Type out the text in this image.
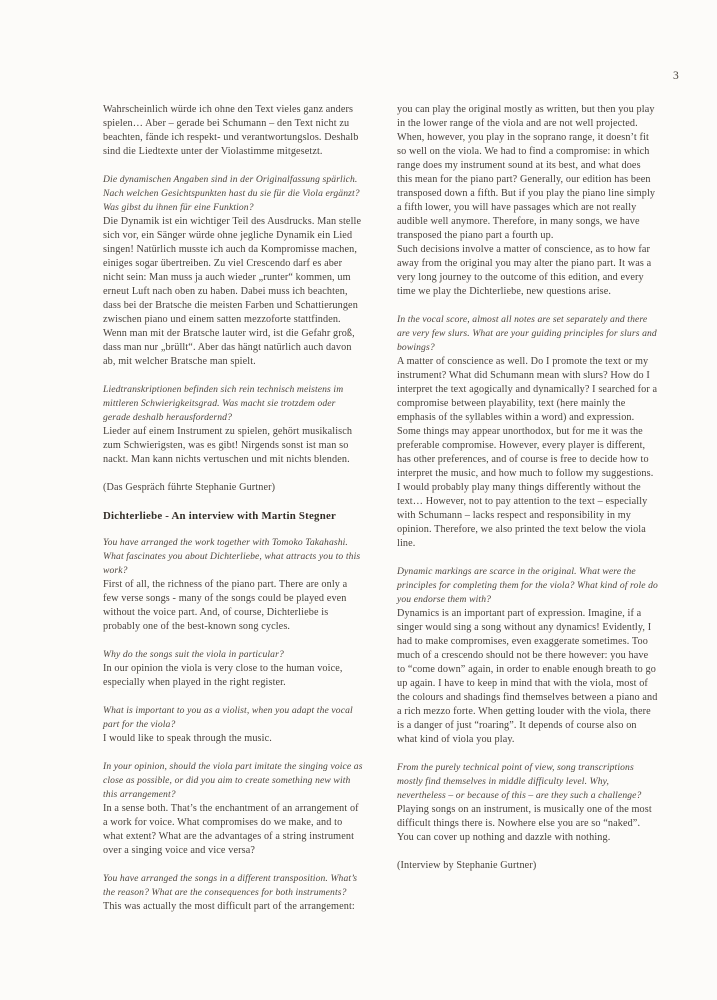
3

Wahrscheinlich würde ich ohne den Text vieles ganz anders spielen… Aber – gerade bei Schumann – den Text nicht zu beachten, fände ich respekt- und verantwortungslos. Deshalb sind die Liedtexte unter der Violastimme mitgesetzt.

Die dynamischen Angaben sind in der Originalfassung spärlich. Nach welchen Gesichtspunkten hast du sie für die Viola ergänzt? Was gibst du ihnen für eine Funktion?

Die Dynamik ist ein wichtiger Teil des Ausdrucks. Man stelle sich vor, ein Sänger würde ohne jegliche Dynamik ein Lied singen! Natürlich musste ich auch da Kompromisse machen, einiges sogar übertreiben. Zu viel Crescendo darf es aber nicht sein: Man muss ja auch wieder „runter“ kommen, um erneut Luft nach oben zu haben. Dabei muss ich beachten, dass bei der Bratsche die meisten Farben und Schattierungen zwischen piano und einem satten mezzoforte stattfinden. Wenn man mit der Bratsche lauter wird, ist die Gefahr groß, dass man nur „brüllt“. Aber das hängt natürlich auch davon ab, mit welcher Bratsche man spielt.

Liedtranskriptionen befinden sich rein technisch meistens im mittleren Schwierigkeitsgrad. Was macht sie trotzdem oder gerade deshalb herausfordernd?

Lieder auf einem Instrument zu spielen, gehört musikalisch zum Schwierigsten, was es gibt! Nirgends sonst ist man so nackt. Man kann nichts vertuschen und mit nichts blenden.

(Das Gespräch führte Stephanie Gurtner)

Dichterliebe - An interview with Martin Stegner

You have arranged the work together with Tomoko Takahashi. What fascinates you about Dichterliebe, what attracts you to this work?

First of all, the richness of the piano part. There are only a few verse songs - many of the songs could be played even without the voice part. And, of course, Dichterliebe is probably one of the best-known song cycles.

Why do the songs suit the viola in particular?

In our opinion the viola is very close to the human voice, especially when played in the right register.

What is important to you as a violist, when you adapt the vocal part for the viola?

I would like to speak through the music.

In your opinion, should the viola part imitate the singing voice as close as possible, or did you aim to create something new with this arrangement?

In a sense both. That’s the enchantment of an arrangement of a work for voice. What compromises do we make, and to what extent? What are the advantages of a string instrument over a singing voice and vice versa?

You have arranged the songs in a different transposition. What’s the reason? What are the consequences for both instruments?

This was actually the most difficult part of the arrangement:

you can play the original mostly as written, but then you play in the lower range of the viola and are not well projected. When, however, you play in the soprano range, it doesn’t fit so well on the viola. We had to find a compromise: in which range does my instrument sound at its best, and what does this mean for the piano part? Generally, our edition has been transposed down a fifth. But if you play the piano line simply a fifth lower, you will have passages which are not really audible well anymore. Therefore, in many songs, we have transposed the piano part a fourth up.

Such decisions involve a matter of conscience, as to how far away from the original you may alter the piano part. It was a very long journey to the outcome of this edition, and every time we play the Dichterliebe, new questions arise.

In the vocal score, almost all notes are set separately and there are very few slurs. What are your guiding principles for slurs and bowings?

A matter of conscience as well. Do I promote the text or my instrument? What did Schumann mean with slurs? How do I interpret the text agogically and dynamically? I searched for a compromise between playability, text (here mainly the emphasis of the syllables within a word) and expression. Some things may appear unorthodox, but for me it was the preferable compromise. However, every player is different, has other preferences, and of course is free to decide how to interpret the music, and how much to follow my suggestions. I would probably play many things differently without the text… However, not to pay attention to the text – especially with Schumann – lacks respect and responsibility in my opinion. Therefore, we also printed the text below the viola line.

Dynamic markings are scarce in the original. What were the principles for completing them for the viola? What kind of role do you endorse them with?

Dynamics is an important part of expression. Imagine, if a singer would sing a song without any dynamics! Evidently, I had to make compromises, even exaggerate sometimes. Too much of a crescendo should not be there however: you have to “come down” again, in order to enable enough breath to go up again. I have to keep in mind that with the viola, most of the colours and shadings find themselves between a piano and a rich mezzo forte. When getting louder with the viola, there is a danger of just “roaring”. It depends of course also on what kind of viola you play.

From the purely technical point of view, song transcriptions mostly find themselves in middle difficulty level. Why, nevertheless – or because of this – are they such a challenge?

Playing songs on an instrument, is musically one of the most difficult things there is. Nowhere else you are so “naked”. You can cover up nothing and dazzle with nothing.

(Interview by Stephanie Gurtner)
